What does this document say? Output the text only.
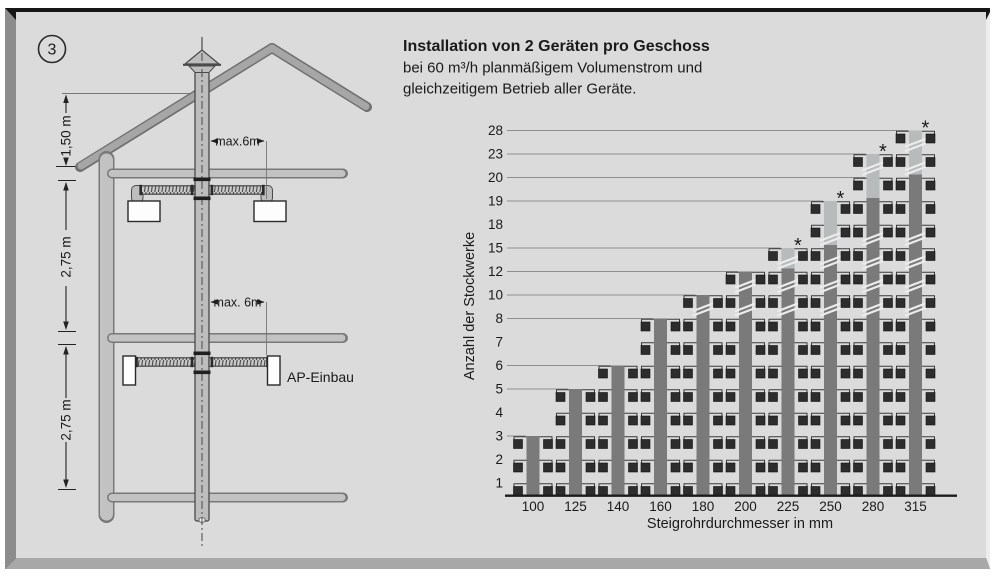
3	Installation von 2 Geräten pro Geschoss
bei 60 m³/h planmäßigem Volumenstrom und
gleichzeitigem Betrieb aller Geräte.
1,50 m
2,75 m
2,75 m
max.6m
AP-Einbau
max. 6m
*
*
*
*
1
2
3
4
5
6
7
8
10
12
15
18
19
20
23
28
100 125 140 160 180 200 225 250 280 315
Steigrohrdurchmesser in mm
Anzahl der Stockwerke
